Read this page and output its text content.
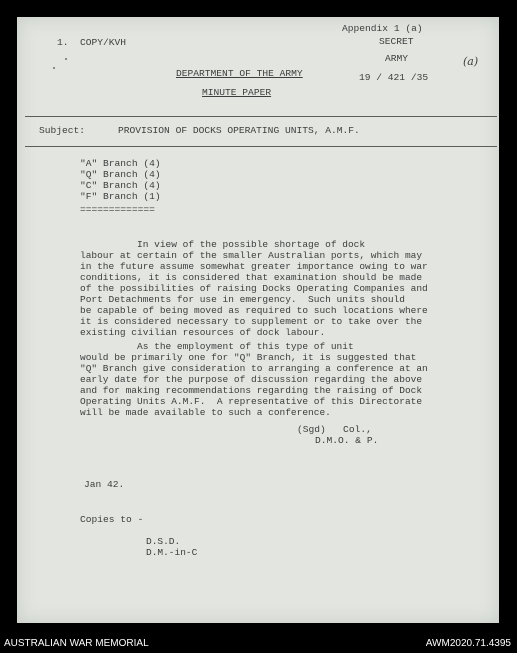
1. COPY/KVH
Appendix 1 (a)
SECRET
ARMY	(a)
19 / 421 /35
DEPARTMENT OF THE ARMY
MINUTE PAPER
Subject:	PROVISION OF DOCKS OPERATING UNITS, A.M.F.
"A" Branch (4)
"Q" Branch (4)
"C" Branch (4)
"F" Branch (1)
=============
In view of the possible shortage of dock
labour at certain of the smaller Australian ports, which may
in the future assume somewhat greater importance owing to war
conditions, it is considered that examination should be made
of the possibilities of raising Docks Operating Companies and
Port Detachments for use in emergency.  Such units should
be capable of being moved as required to such locations where
it is considered necessary to supplement or to take over the
existing civilian resources of dock labour.
As the employment of this type of unit
would be primarily one for "Q" Branch, it is suggested that
"Q" Branch give consideration to arranging a conference at an
early date for the purpose of discussion regarding the above
and for making recommendations regarding the raising of Dock
Operating Units A.M.F.  A representative of this Directorate
will be made available to such a conference.
(Sgd)   Col.,
D.M.O. & P.
Jan 42.
Copies to -
D.S.D.
D.M.-in-C
AUSTRALIAN WAR MEMORIAL	AWM2020.71.4395
